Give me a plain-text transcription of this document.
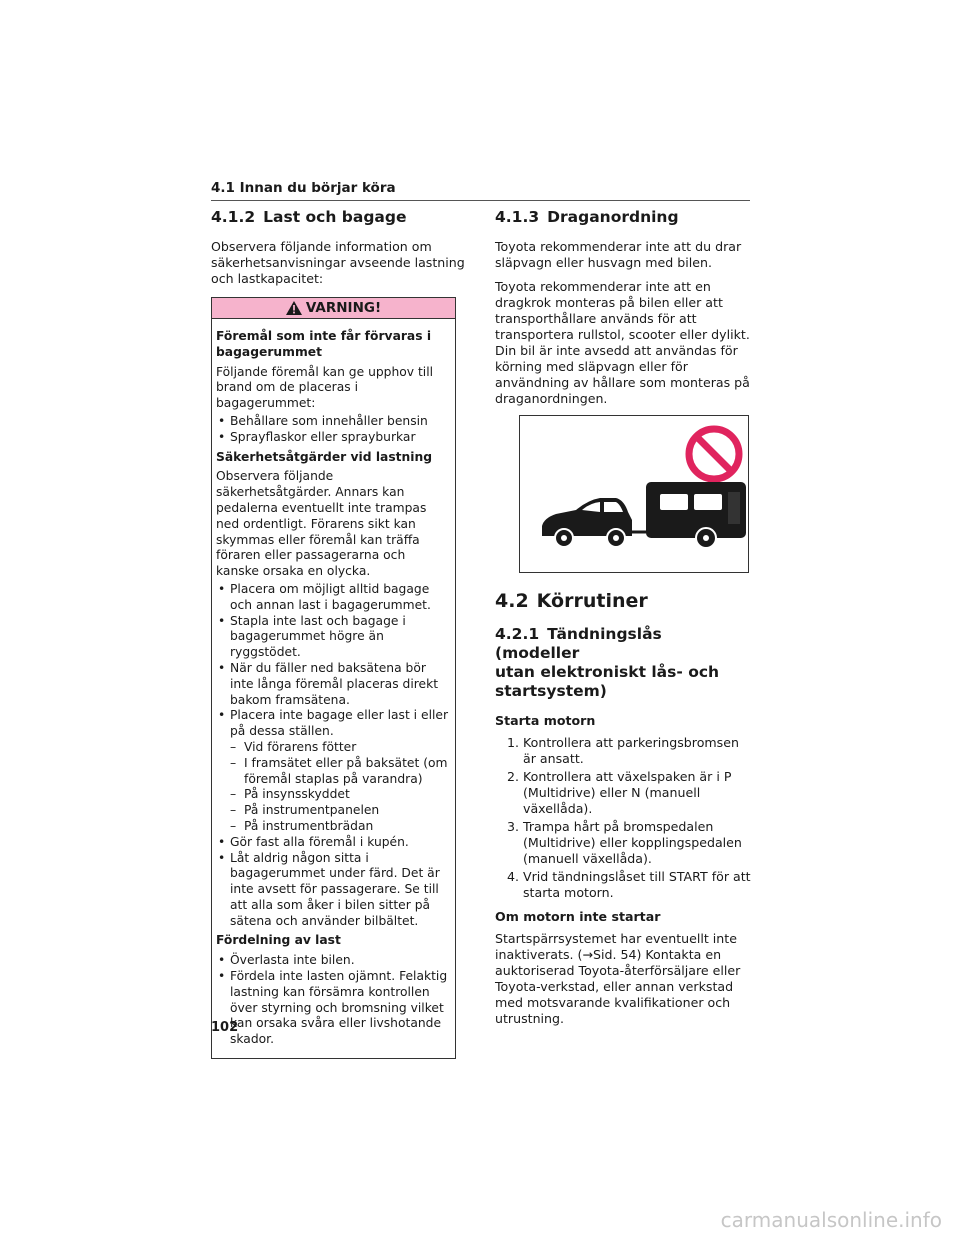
4.1 Innan du börjar köra
4.1.2 Last och bagage

Observera följande information om säkerhetsanvisningar avseende lastning och lastkapacitet:

VARNING!
Föremål som inte får förvaras i bagagerummet

Följande föremål kan ge upphov till brand om de placeras i bagagerummet:

• Behållare som innehåller bensin
• Sprayflaskor eller sprayburkar
Säkerhetsåtgärder vid lastning

Observera följande säkerhetsåtgärder. Annars kan pedalerna eventuellt inte trampas ned ordentligt. Förarens sikt kan skymmas eller föremål kan träffa föraren eller passagerarna och kanske orsaka en olycka.

• Placera om möjligt alltid bagage och annan last i bagagerummet.
• Stapla inte last och bagage i bagagerummet högre än ryggstödet.
• När du fäller ned baksätena bör inte långa föremål placeras direkt bakom framsätena.
• Placera inte bagage eller last i eller på dessa ställen.
– Vid förarens fötter
– I framsätet eller på baksätet (om föremål staplas på varandra)
– På insynsskyddet
– På instrumentpanelen
– På instrumentbrädan
• Gör fast alla föremål i kupén.
• Låt aldrig någon sitta i bagagerummet under färd. Det är inte avsett för passagerare. Se till att alla som åker i bilen sitter på sätena och använder bilbältet.
Fördelning av last
• Överlasta inte bilen.
• Fördela inte lasten ojämnt. Felaktig lastning kan försämra kontrollen över styrning och bromsning vilket kan orsaka svåra eller livshotande skador.
4.1.3 Draganordning

Toyota rekommenderar inte att du drar släpvagn eller husvagn med bilen.

Toyota rekommenderar inte att en dragkrok monteras på bilen eller att transporthållare används för att transportera rullstol, scooter eller dylikt. Din bil är inte avsedd att användas för körning med släpvagn eller för användning av hållare som monteras på draganordningen.

4.2 Körrutiner
4.2.1 Tändningslås (modeller
utan elektroniskt lås- och
startsystem)
Starta motorn
1. Kontrollera att parkeringsbromsen är ansatt.
2. Kontrollera att växelspaken är i P (Multidrive) eller N (manuell växellåda).
3. Trampa hårt på bromspedalen (Multidrive) eller kopplingspedalen (manuell växellåda).
4. Vrid tändningslåset till START för att starta motorn.
Om motorn inte startar

Startspärrsystemet har eventuellt inte inaktiverats. (→Sid. 54) Kontakta en auktoriserad Toyota-återförsäljare eller Toyota-verkstad, eller annan verkstad med motsvarande kvalifikationer och utrustning.

102
carmanualsonline.info
